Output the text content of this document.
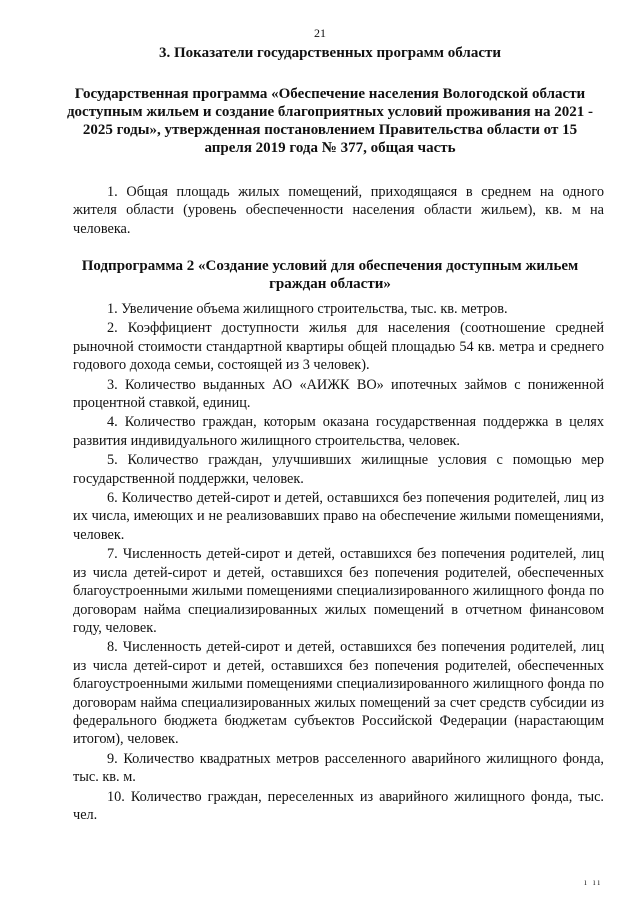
21
3. Показатели государственных программ области
Государственная программа «Обеспечение населения Вологодской области доступным жильем и создание благоприятных условий проживания на 2021 - 2025 годы», утвержденная постановлением Правительства области от 15 апреля 2019 года № 377, общая часть

1. Общая площадь жилых помещений, приходящаяся в среднем на одного жителя области (уровень обеспеченности населения области жильем), кв. м на человека.

Подпрограмма 2 «Создание условий для обеспечения доступным жильем граждан области»

1. Увеличение объема жилищного строительства, тыс. кв. метров.

2. Коэффициент доступности жилья для населения (соотношение средней рыночной стоимости стандартной квартиры общей площадью 54 кв. метра и среднего годового дохода семьи, состоящей из 3 человек).

3. Количество выданных АО «АИЖК ВО» ипотечных займов с пониженной процентной ставкой, единиц.

4. Количество граждан, которым оказана государственная поддержка в целях развития индивидуального жилищного строительства, человек.

5. Количество граждан, улучшивших жилищные условия с помощью мер государственной поддержки, человек.

6. Количество детей-сирот и детей, оставшихся без попечения родителей, лиц из их числа, имеющих и не реализовавших право на обеспечение жилыми помещениями, человек.

7. Численность детей-сирот и детей, оставшихся без попечения родителей, лиц из числа детей-сирот и детей, оставшихся без попечения родителей, обеспеченных благоустроенными жилыми помещениями специализированного жилищного фонда по договорам найма специализированных жилых помещений в отчетном финансовом году, человек.

8. Численность детей-сирот и детей, оставшихся без попечения родителей, лиц из числа детей-сирот и детей, оставшихся без попечения родителей, обеспеченных благоустроенными жилыми помещениями специализированного жилищного фонда по договорам найма специализированных жилых помещений за счет средств субсидии из федерального бюджета бюджетам субъектов Российской Федерации (нарастающим итогом), человек.

9. Количество квадратных метров расселенного аварийного жилищного фонда, тыс. кв. м.

10. Количество граждан, переселенных из аварийного жилищного фонда, тыс. чел.

ı ıı
